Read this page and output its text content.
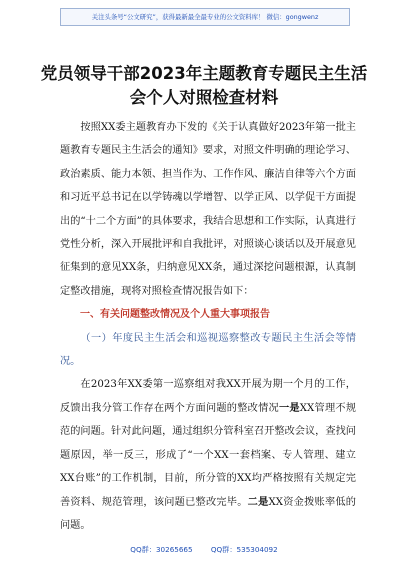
关注头条号“公文研究”，获得最新最全最专业的公文资料库！ 微信：gongwenz
党员领导干部2023年主题教育专题民主生活会个人对照检查材料

按照XX委主题教育办下发的《关于认真做好2023年第一批主题教育专题民主生活会的通知》要求，对照文件明确的理论学习、政治素质、能力本领、担当作为、工作作风、廉洁自律等六个方面和习近平总书记在以学铸魂以学增智、以学正风、以学促干方面提出的“十二个方面”的具体要求，我结合思想和工作实际，认真进行党性分析，深入开展批评和自我批评，对照谈心谈话以及开展意见征集到的意见XX条，归纳意见XX条，通过深挖问题根源，认真制定整改措施，现将对照检查情况报告如下：

一、有关问题整改情况及个人重大事项报告

（一）年度民主生活会和巡视巡察整改专题民主生活会等情况。

在2023年XX委第一巡察组对我XX开展为期一个月的工作，反馈出我分管工作存在两个方面问题的整改情况一是XX管理不规范的问题。针对此问题，通过组织分管科室召开整改会议，查找问题原因，举一反三，形成了“一个XX一套档案、专人管理、建立XX台账”的工作机制，目前，所分管的XX均严格按照有关规定完善资料、规范管理，该问题已整改完毕。二是XX资金拨账率低的问题。

QQ群：30265665	QQ群：535304092
